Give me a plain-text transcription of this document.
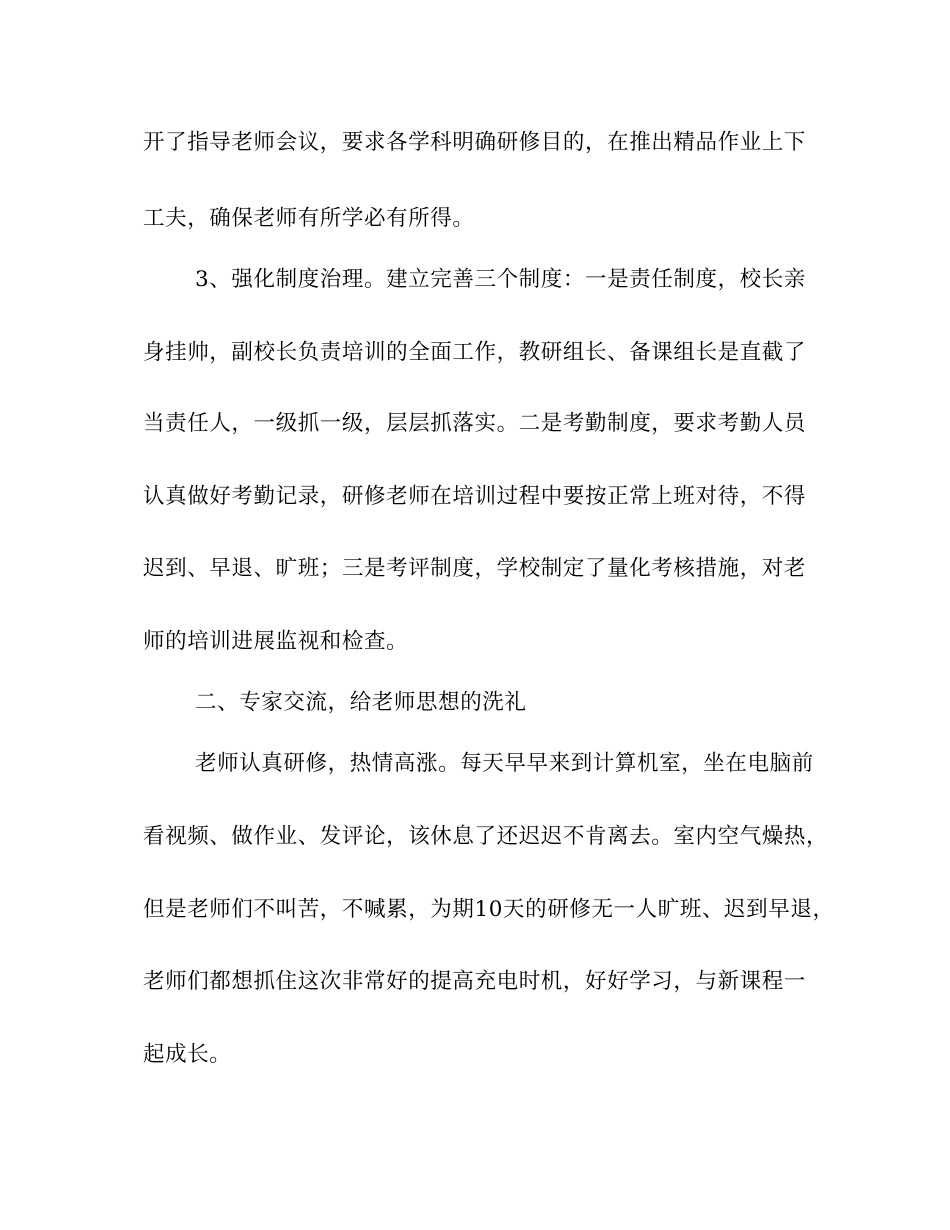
开了指导老师会议，要求各学科明确研修目的，在推出精品作业上下
工夫，确保老师有所学必有所得。
3、强化制度治理。建立完善三个制度：一是责任制度，校长亲
身挂帅，副校长负责培训的全面工作，教研组长、备课组长是直截了
当责任人，一级抓一级，层层抓落实。二是考勤制度，要求考勤人员
认真做好考勤记录，研修老师在培训过程中要按正常上班对待，不得
迟到、早退、旷班；三是考评制度，学校制定了量化考核措施，对老
师的培训进展监视和检查。
二、专家交流，给老师思想的洗礼
老师认真研修，热情高涨。每天早早来到计算机室，坐在电脑前
看视频、做作业、发评论，该休息了还迟迟不肯离去。室内空气燥热，
但是老师们不叫苦，不喊累，为期10天的研修无一人旷班、迟到早退，
老师们都想抓住这次非常好的提高充电时机，好好学习，与新课程一
起成长。
